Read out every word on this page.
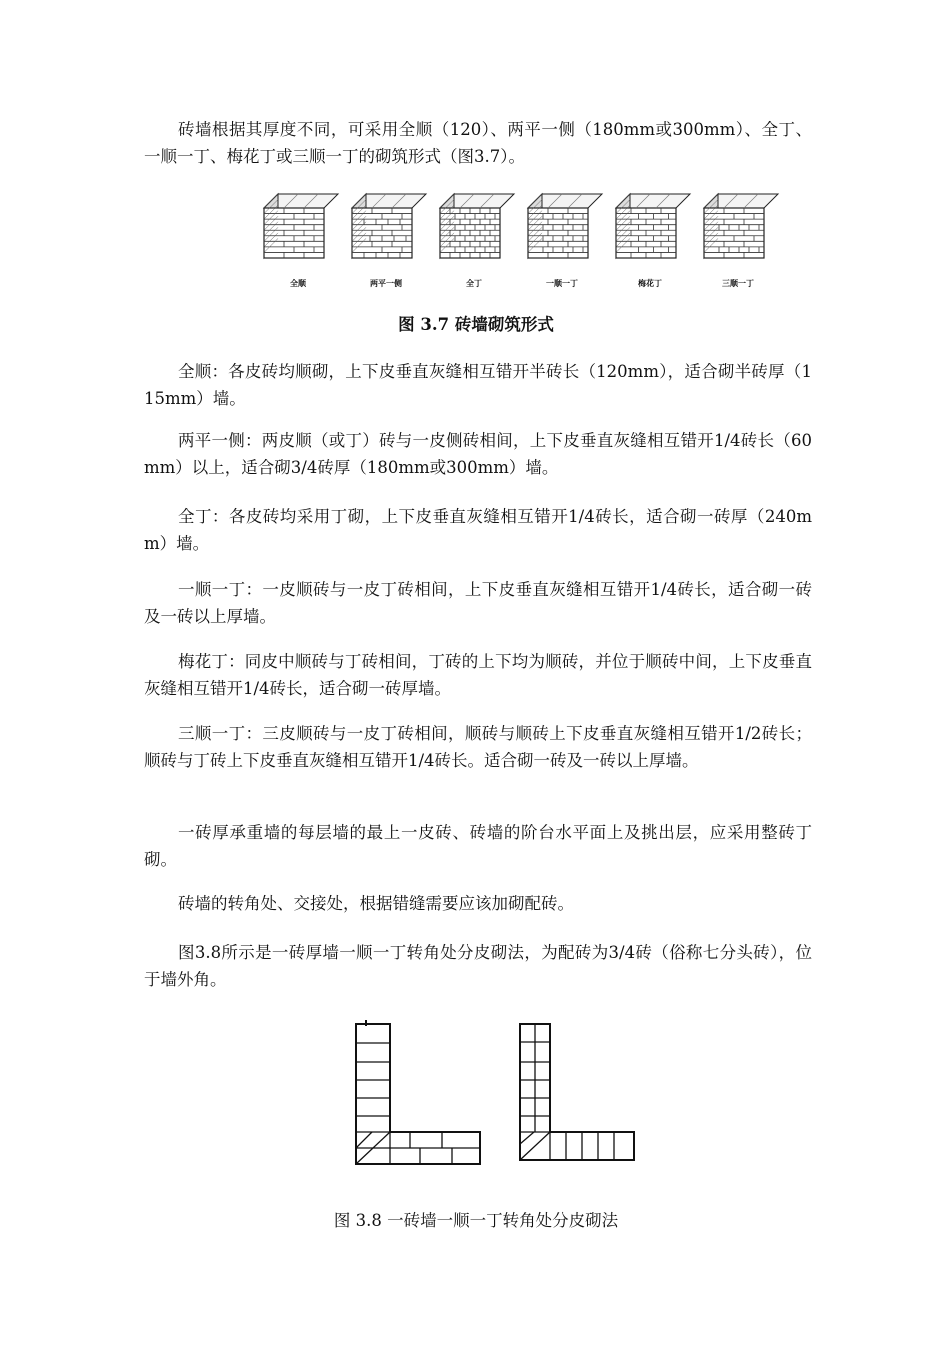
砖墙根据其厚度不同，可采用全顺（120）、两平一侧（180mm或300mm）、全丁、一顺一丁、梅花丁或三顺一丁的砌筑形式（图3.7）。

全顺	两平一侧	全丁	一顺一丁	梅花丁	三顺一丁

图 3.7 砖墙砌筑形式

全顺：各皮砖均顺砌，上下皮垂直灰缝相互错开半砖长（120mm），适合砌半砖厚（115mm）墙。

两平一侧：两皮顺（或丁）砖与一皮侧砖相间，上下皮垂直灰缝相互错开1/4砖长（60mm）以上，适合砌3/4砖厚（180mm或300mm）墙。

全丁：各皮砖均采用丁砌，上下皮垂直灰缝相互错开1/4砖长，适合砌一砖厚（240mm）墙。

一顺一丁：一皮顺砖与一皮丁砖相间，上下皮垂直灰缝相互错开1/4砖长，适合砌一砖及一砖以上厚墙。

梅花丁：同皮中顺砖与丁砖相间，丁砖的上下均为顺砖，并位于顺砖中间，上下皮垂直灰缝相互错开1/4砖长，适合砌一砖厚墙。

三顺一丁：三皮顺砖与一皮丁砖相间，顺砖与顺砖上下皮垂直灰缝相互错开1/2砖长；顺砖与丁砖上下皮垂直灰缝相互错开1/4砖长。适合砌一砖及一砖以上厚墙。

一砖厚承重墙的每层墙的最上一皮砖、砖墙的阶台水平面上及挑出层，应采用整砖丁砌。

砖墙的转角处、交接处，根据错缝需要应该加砌配砖。

图3.8所示是一砖厚墙一顺一丁转角处分皮砌法，为配砖为3/4砖（俗称七分头砖），位于墙外角。

图 3.8 一砖墙一顺一丁转角处分皮砌法
